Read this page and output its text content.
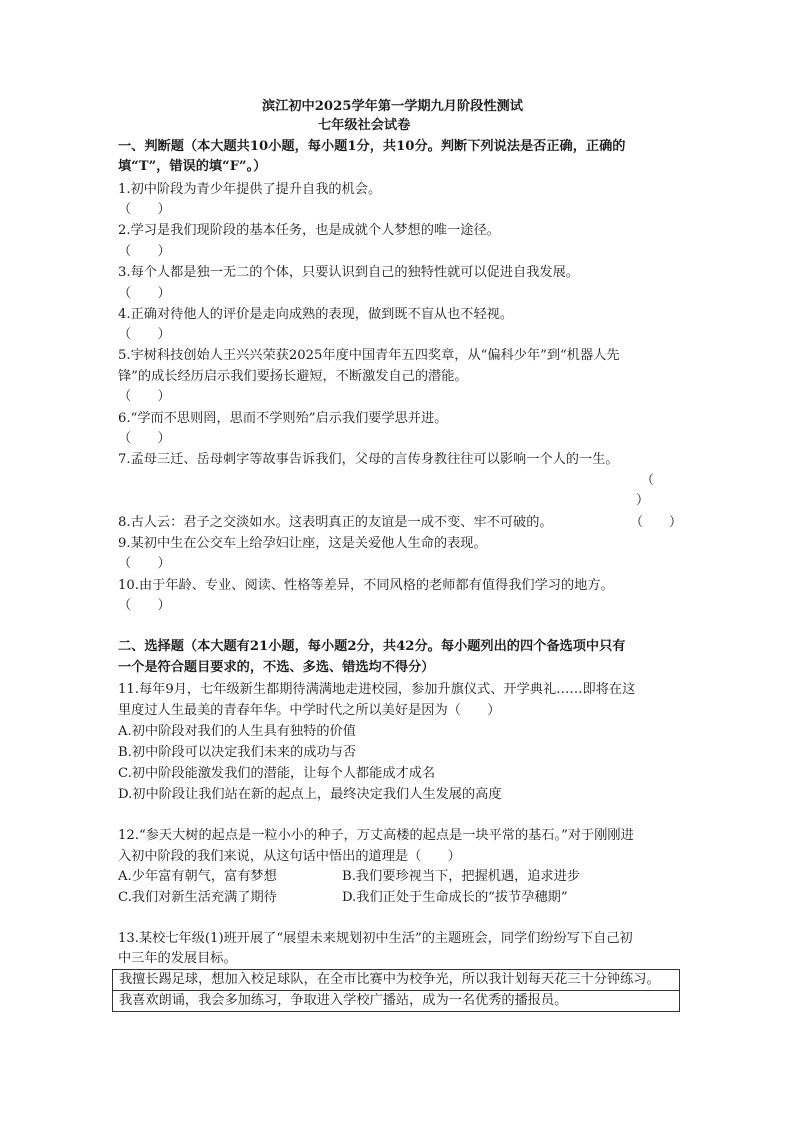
滨江初中2025学年第一学期九月阶段性测试
七年级社会试卷
一、判断题（本大题共10小题，每小题1分，共10分。判断下列说法是否正确，正确的
填“T”，错误的填“F”。）
1.初中阶段为青少年提供了提升自我的机会。
（　　）
2.学习是我们现阶段的基本任务，也是成就个人梦想的唯一途径。
（　　）
3.每个人都是独一无二的个体，只要认识到自己的独特性就可以促进自我发展。
（　　）
4.正确对待他人的评价是走向成熟的表现，做到既不盲从也不轻视。
（　　）
5.宇树科技创始人王兴兴荣获2025年度中国青年五四奖章，从“偏科少年”到“机器人先
锋”的成长经历启示我们要扬长避短，不断激发自己的潜能。
（　　）
6.“学而不思则罔，思而不学则殆”启示我们要学思并进。
（　　）
7.孟母三迁、岳母刺字等故事告诉我们，父母的言传身教往往可以影响一个人的一生。
（
）
8.古人云：君子之交淡如水。这表明真正的友谊是一成不变、牢不可破的。	（　　）
9.某初中生在公交车上给孕妇让座，这是关爱他人生命的表现。
（　　）
10.由于年龄、专业、阅读、性格等差异，不同风格的老师都有值得我们学习的地方。
（　　）
二、选择题（本大题有21小题，每小题2分，共42分。每小题列出的四个备选项中只有
一个是符合题目要求的，不选、多选、错选均不得分）
11.每年9月，七年级新生都期待满满地走进校园，参加升旗仪式、开学典礼……即将在这
里度过人生最美的青春年华。中学时代之所以美好是因为（　　）
A.初中阶段对我们的人生具有独特的价值
B.初中阶段可以决定我们未来的成功与否
C.初中阶段能激发我们的潜能，让每个人都能成才成名
D.初中阶段让我们站在新的起点上，最终决定我们人生发展的高度
12.“参天大树的起点是一粒小小的种子，万丈高楼的起点是一块平常的基石。”对于刚刚进
入初中阶段的我们来说，从这句话中悟出的道理是（　　）
A.少年富有朝气，富有梦想	B.我们要珍视当下，把握机遇，追求进步
C.我们对新生活充满了期待	D.我们正处于生命成长的“拔节孕穗期”
13.某校七年级(1)班开展了“展望未来规划初中生活”的主题班会，同学们纷纷写下自己初
中三年的发展目标。
我擅长踢足球，想加入校足球队，在全市比赛中为校争光，所以我计划每天花三十分钟练习。
我喜欢朗诵，我会多加练习，争取进入学校广播站，成为一名优秀的播报员。
